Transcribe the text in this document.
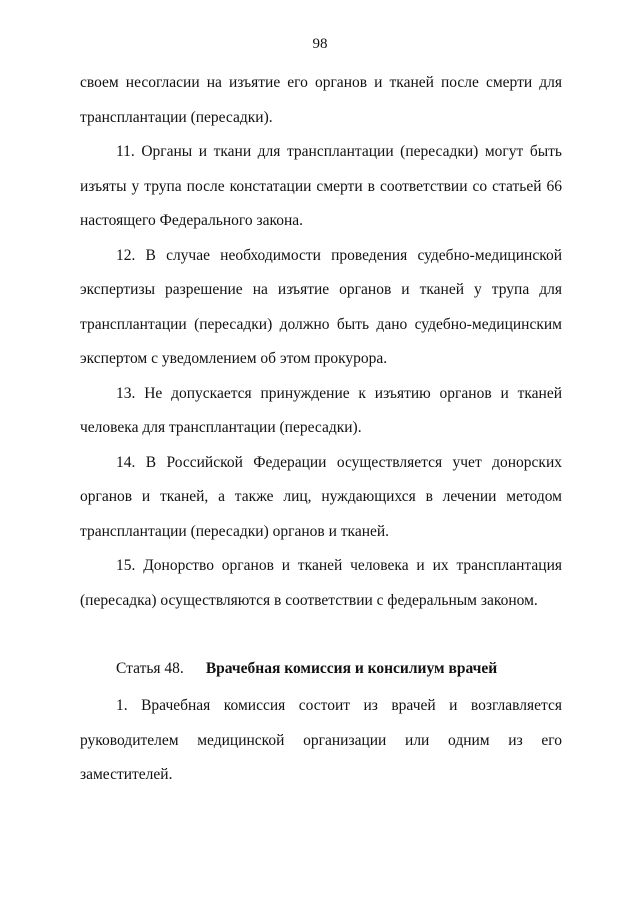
98

своем несогласии на изъятие его органов и тканей после смерти для трансплантации (пересадки).

11. Органы и ткани для трансплантации (пересадки) могут быть изъяты у трупа после констатации смерти в соответствии со статьей 66 настоящего Федерального закона.

12. В случае необходимости проведения судебно-медицинской экспертизы разрешение на изъятие органов и тканей у трупа для трансплантации (пересадки) должно быть дано судебно-медицинским экспертом с уведомлением об этом прокурора.

13. Не допускается принуждение к изъятию органов и тканей человека для трансплантации (пересадки).

14. В Российской Федерации осуществляется учет донорских органов и тканей, а также лиц, нуждающихся в лечении методом трансплантации (пересадки) органов и тканей.

15. Донорство органов и тканей человека и их трансплантация (пересадка) осуществляются в соответствии с федеральным законом.

Статья 48. Врачебная комиссия и консилиум врачей

1. Врачебная комиссия состоит из врачей и возглавляется руководителем медицинской организации или одним из его заместителей.
